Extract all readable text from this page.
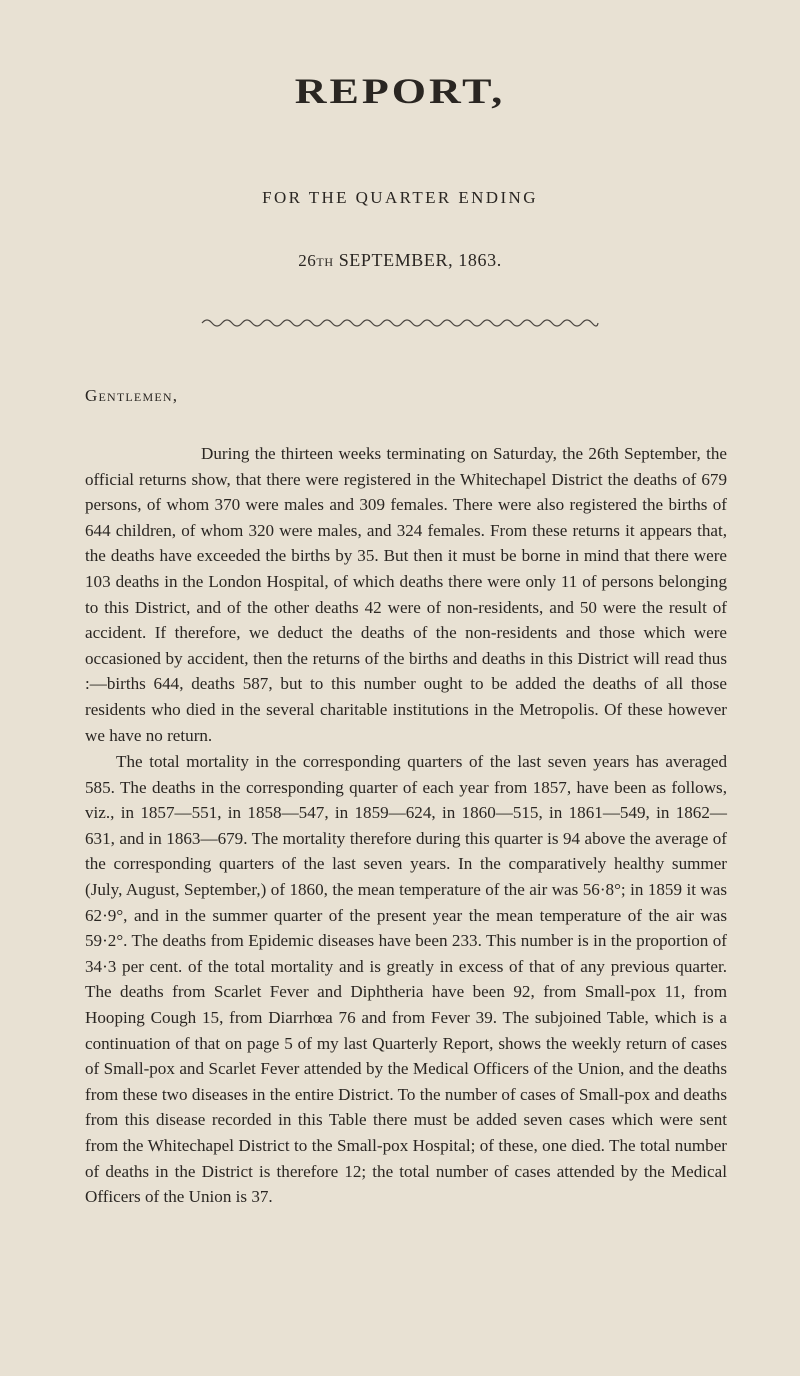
REPORT,
FOR THE QUARTER ENDING
26th SEPTEMBER, 1863.
Gentlemen,

During the thirteen weeks terminating on Saturday, the 26th September, the official returns show, that there were registered in the Whitechapel District the deaths of 679 persons, of whom 370 were males and 309 females. There were also registered the births of 644 children, of whom 320 were males, and 324 females. From these returns it appears that, the deaths have exceeded the births by 35. But then it must be borne in mind that there were 103 deaths in the London Hospital, of which deaths there were only 11 of persons belonging to this District, and of the other deaths 42 were of non-residents, and 50 were the result of accident. If therefore, we deduct the deaths of the non-residents and those which were occasioned by accident, then the returns of the births and deaths in this District will read thus :—births 644, deaths 587, but to this number ought to be added the deaths of all those residents who died in the several charitable institutions in the Metropolis. Of these however we have no return.

The total mortality in the corresponding quarters of the last seven years has averaged 585. The deaths in the corresponding quarter of each year from 1857, have been as follows, viz., in 1857—551, in 1858—547, in 1859—624, in 1860—515, in 1861—549, in 1862—631, and in 1863—679. The mortality therefore during this quarter is 94 above the average of the corresponding quarters of the last seven years. In the comparatively healthy summer (July, August, September,) of 1860, the mean temperature of the air was 56·8°; in 1859 it was 62·9°, and in the summer quarter of the present year the mean temperature of the air was 59·2°. The deaths from Epidemic diseases have been 233. This number is in the proportion of 34·3 per cent. of the total mortality and is greatly in excess of that of any previous quarter. The deaths from Scarlet Fever and Diphtheria have been 92, from Small-pox 11, from Hooping Cough 15, from Diarrhœa 76 and from Fever 39. The subjoined Table, which is a continuation of that on page 5 of my last Quarterly Report, shows the weekly return of cases of Small-pox and Scarlet Fever attended by the Medical Officers of the Union, and the deaths from these two diseases in the entire District. To the number of cases of Small-pox and deaths from this disease recorded in this Table there must be added seven cases which were sent from the Whitechapel District to the Small-pox Hospital; of these, one died. The total number of deaths in the District is therefore 12; the total number of cases attended by the Medical Officers of the Union is 37.
